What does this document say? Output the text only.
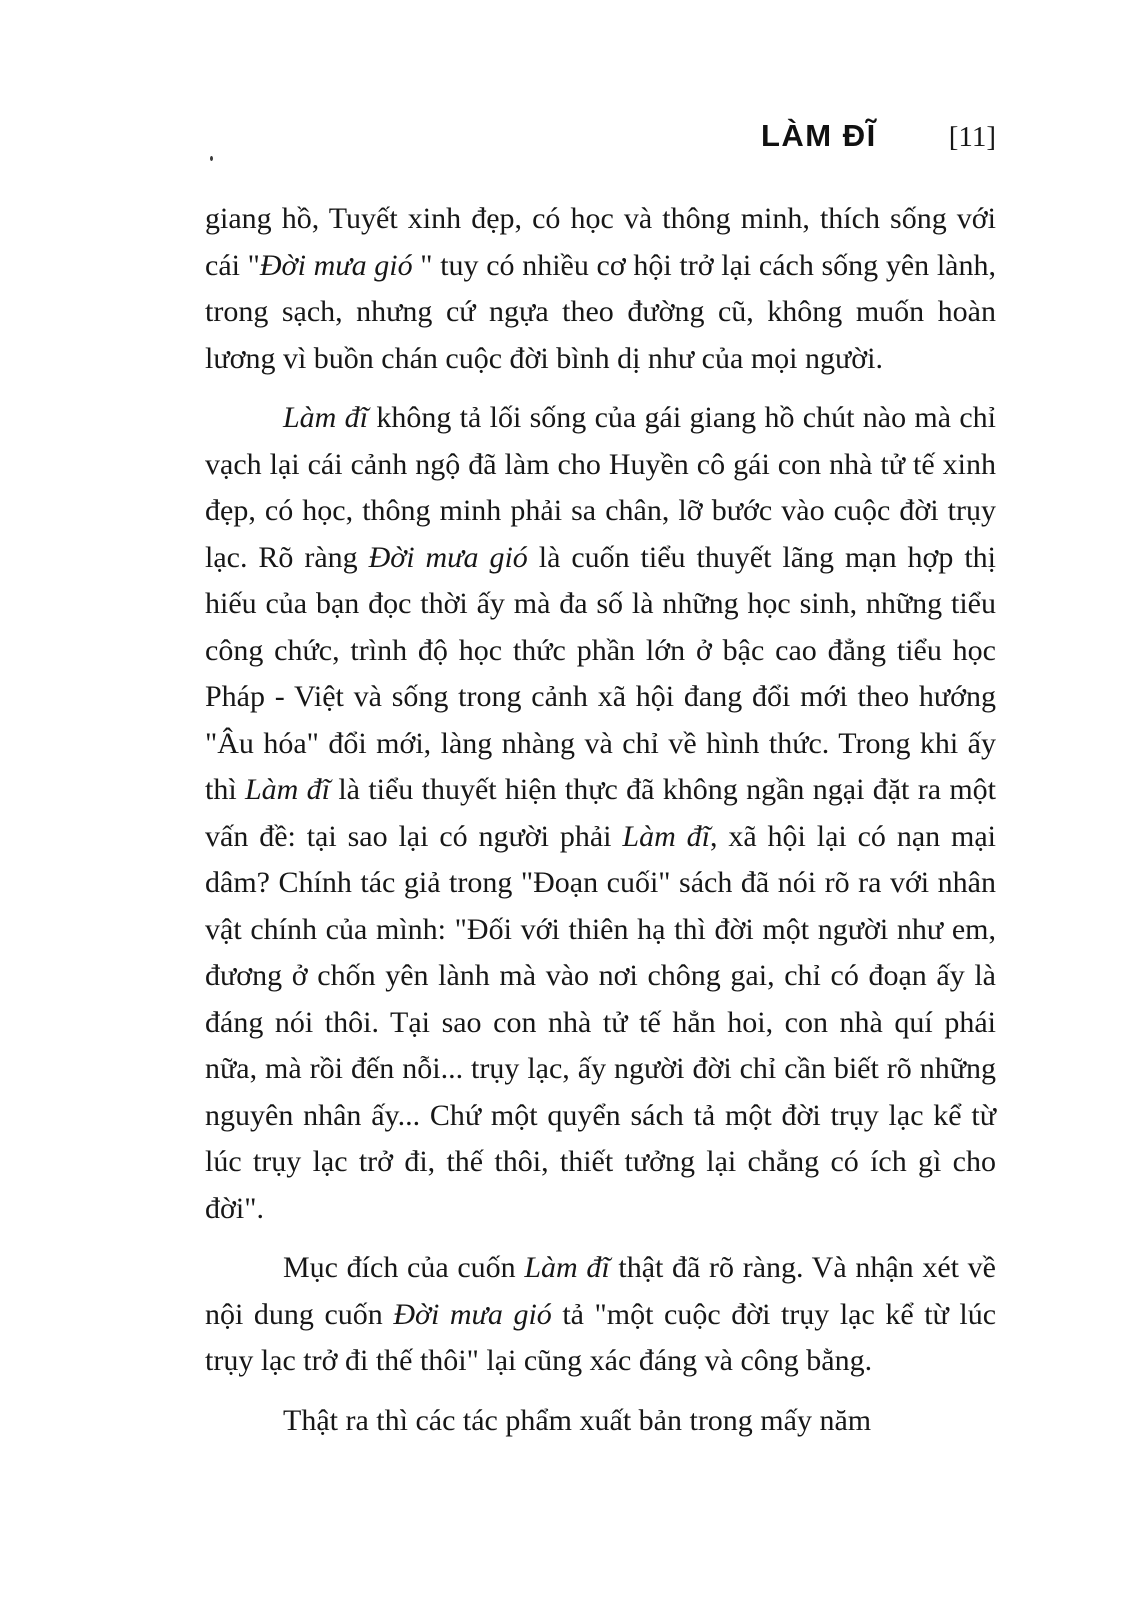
LÀM ĐĨ [11]

giang hồ, Tuyết xinh đẹp, có học và thông minh, thích sống với cái "Đời mưa gió " tuy có nhiều cơ hội trở lại cách sống yên lành, trong sạch, nhưng cứ ngựa theo đường cũ, không muốn hoàn lương vì buồn chán cuộc đời bình dị như của mọi người.

Làm đĩ không tả lối sống của gái giang hồ chút nào mà chỉ vạch lại cái cảnh ngộ đã làm cho Huyền cô gái con nhà tử tế xinh đẹp, có học, thông minh phải sa chân, lỡ bước vào cuộc đời trụy lạc. Rõ ràng Đời mưa gió là cuốn tiểu thuyết lãng mạn hợp thị hiếu của bạn đọc thời ấy mà đa số là những học sinh, những tiểu công chức, trình độ học thức phần lớn ở bậc cao đẳng tiểu học Pháp - Việt và sống trong cảnh xã hội đang đổi mới theo hướng "Âu hóa" đổi mới, làng nhàng và chỉ về hình thức. Trong khi ấy thì Làm đĩ là tiểu thuyết hiện thực đã không ngần ngại đặt ra một vấn đề: tại sao lại có người phải Làm đĩ, xã hội lại có nạn mại dâm? Chính tác giả trong "Đoạn cuối" sách đã nói rõ ra với nhân vật chính của mình: "Đối với thiên hạ thì đời một người như em, đương ở chốn yên lành mà vào nơi chông gai, chỉ có đoạn ấy là đáng nói thôi. Tại sao con nhà tử tế hẳn hoi, con nhà quí phái nữa, mà rồi đến nỗi... trụy lạc, ấy người đời chỉ cần biết rõ những nguyên nhân ấy... Chứ một quyển sách tả một đời trụy lạc kể từ lúc trụy lạc trở đi, thế thôi, thiết tưởng lại chẳng có ích gì cho đời".

Mục đích của cuốn Làm đĩ thật đã rõ ràng. Và nhận xét về nội dung cuốn Đời mưa gió tả "một cuộc đời trụy lạc kể từ lúc trụy lạc trở đi thế thôi" lại cũng xác đáng và công bằng.

Thật ra thì các tác phẩm xuất bản trong mấy năm
